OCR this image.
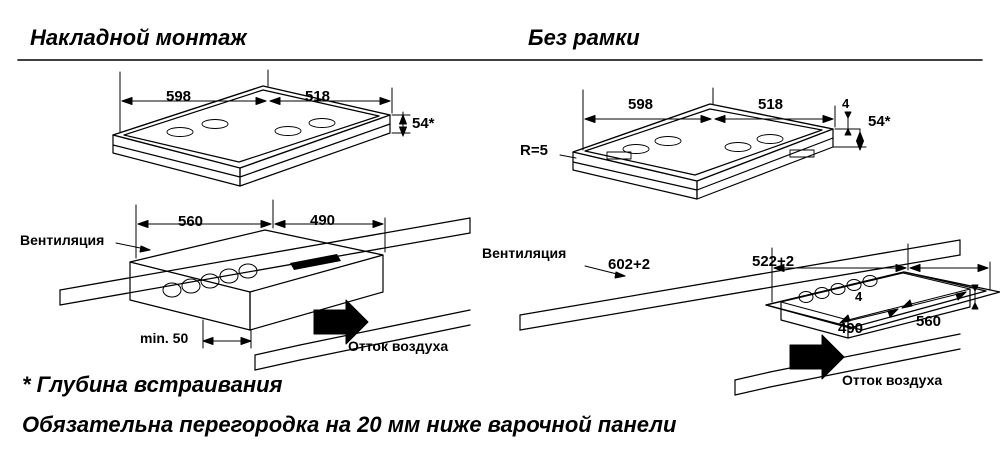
Накладной монтаж	Без рамки
598	518
54*
560	490
Вентиляция
min. 50	Отток воздуха
598	518	4
54*
R=5
Вентиляция
602+2	522+2
4
490	560
Отток воздуха
* Глубина встраивания
Обязательна перегородка на 20 мм ниже варочной панели
